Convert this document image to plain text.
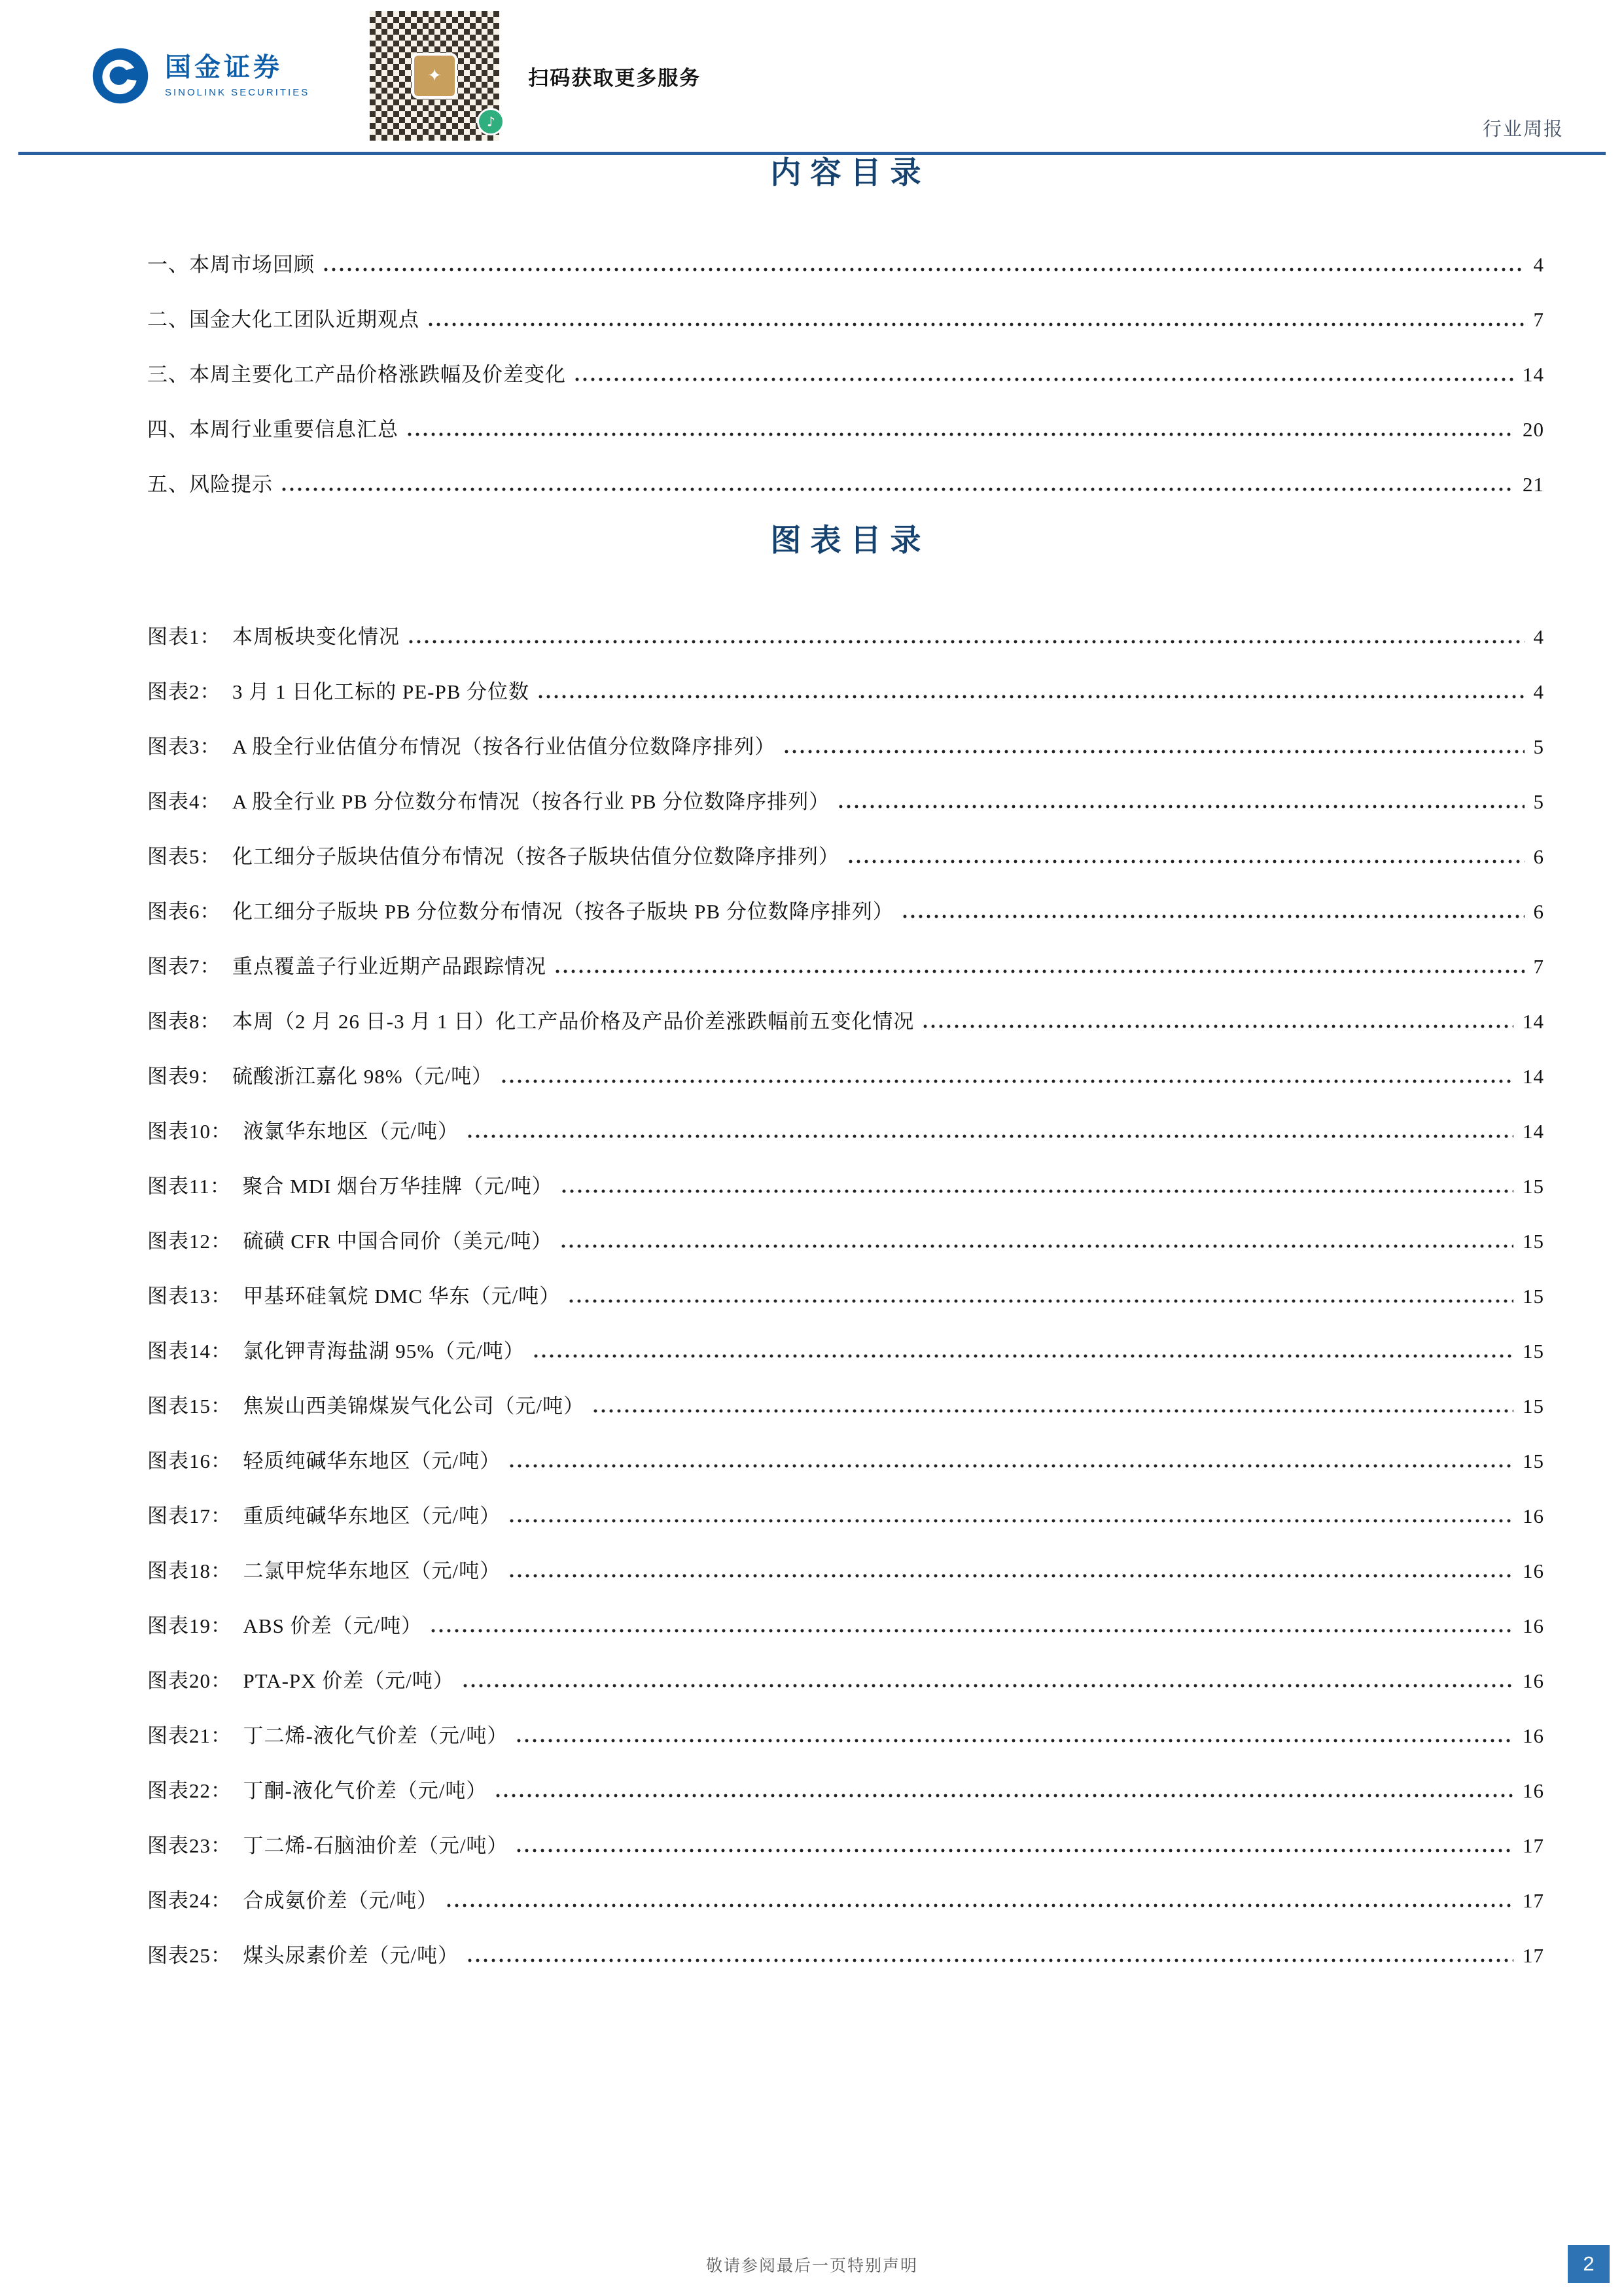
国金证券
SINOLINK SECURITIES
✦
♪
扫码获取更多服务
行业周报
内容目录
一、本周市场回顾	4
二、国金大化工团队近期观点	7
三、本周主要化工产品价格涨跌幅及价差变化	14
四、本周行业重要信息汇总	20
五、风险提示	21
图表目录
图表1：  本周板块变化情况	4
图表2：  3 月 1 日化工标的 PE-PB 分位数	4
图表3：  A 股全行业估值分布情况（按各行业估值分位数降序排列）	5
图表4：  A 股全行业 PB 分位数分布情况（按各行业 PB 分位数降序排列）	5
图表5：  化工细分子版块估值分布情况（按各子版块估值分位数降序排列）	6
图表6：  化工细分子版块 PB 分位数分布情况（按各子版块 PB 分位数降序排列）	6
图表7：  重点覆盖子行业近期产品跟踪情况	7
图表8：  本周（2 月 26 日-3 月 1 日）化工产品价格及产品价差涨跌幅前五变化情况	14
图表9：  硫酸浙江嘉化 98%（元/吨）	14
图表10：  液氯华东地区（元/吨）	14
图表11：  聚合 MDI 烟台万华挂牌（元/吨）	15
图表12：  硫磺 CFR 中国合同价（美元/吨）	15
图表13：  甲基环硅氧烷 DMC 华东（元/吨）	15
图表14：  氯化钾青海盐湖 95%（元/吨）	15
图表15：  焦炭山西美锦煤炭气化公司（元/吨）	15
图表16：  轻质纯碱华东地区（元/吨）	15
图表17：  重质纯碱华东地区（元/吨）	16
图表18：  二氯甲烷华东地区（元/吨）	16
图表19：  ABS 价差（元/吨）	16
图表20：  PTA-PX 价差（元/吨）	16
图表21：  丁二烯-液化气价差（元/吨）	16
图表22：  丁酮-液化气价差（元/吨）	16
图表23：  丁二烯-石脑油价差（元/吨）	17
图表24：  合成氨价差（元/吨）	17
图表25：  煤头尿素价差（元/吨）	17
敬请参阅最后一页特别声明	2
